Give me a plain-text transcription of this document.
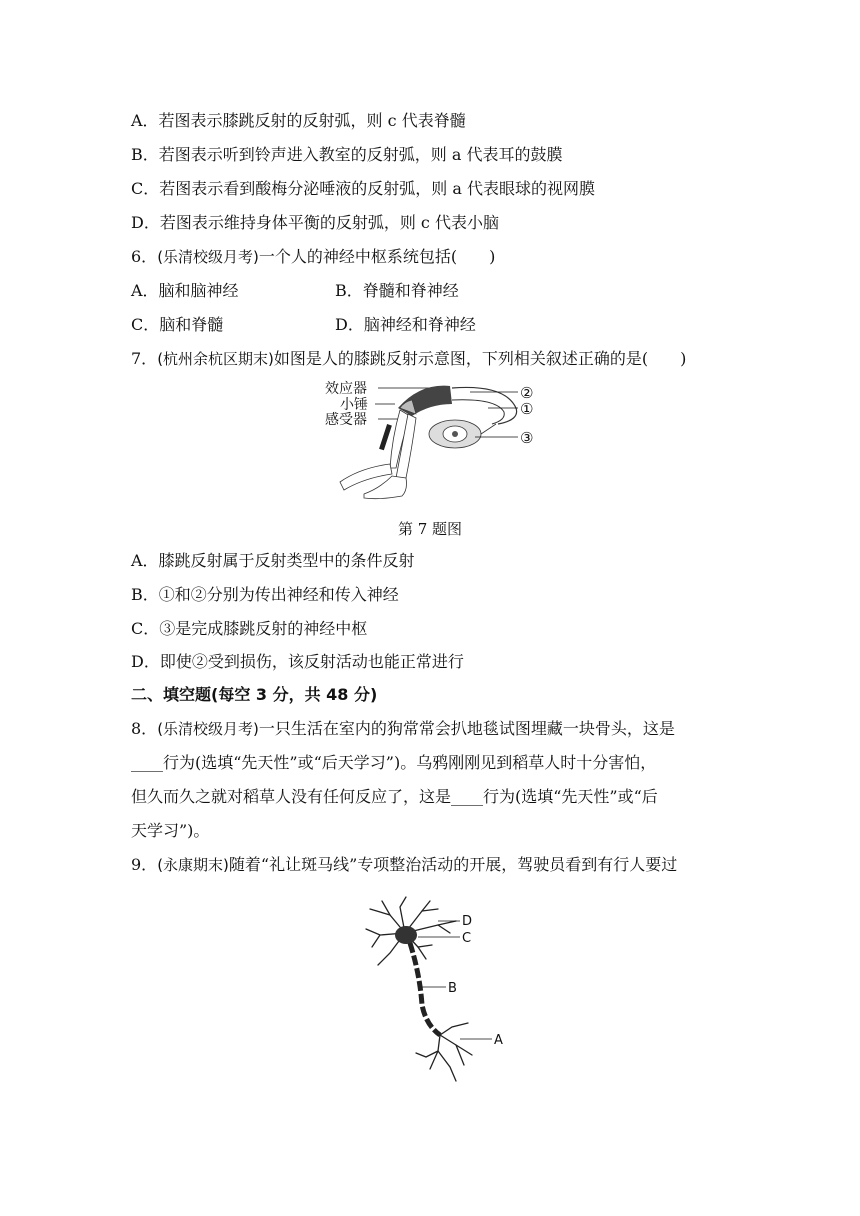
A．若图表示膝跳反射的反射弧，则 c 代表脊髓
B．若图表示听到铃声进入教室的反射弧，则 a 代表耳的鼓膜
C．若图表示看到酸梅分泌唾液的反射弧，则 a 代表眼球的视网膜
D．若图表示维持身体平衡的反射弧，则 c 代表小脑
6．(乐清校级月考)一个人的神经中枢系统包括(　　)
A．脑和脑神经	B．脊髓和脊神经
C．脑和脊髓	D．脑神经和脊神经
7．(杭州余杭区期末)如图是人的膝跳反射示意图，下列相关叙述正确的是(　　)
效应器
小锤
感受器
②
①
③
第 7 题图
A．膝跳反射属于反射类型中的条件反射
B．①和②分别为传出神经和传入神经
C．③是完成膝跳反射的神经中枢
D．即使②受到损伤，该反射活动也能正常进行
二、填空题(每空 3 分，共 48 分)
8．(乐清校级月考)一只生活在室内的狗常常会扒地毯试图埋藏一块骨头，这是
____行为(选填“先天性”或“后天学习”)。乌鸦刚刚见到稻草人时十分害怕，
但久而久之就对稻草人没有任何反应了，这是____行为(选填“先天性”或“后
天学习”)。
9．(永康期末)随着“礼让斑马线”专项整治活动的开展，驾驶员看到有行人要过
D
C
B
A
